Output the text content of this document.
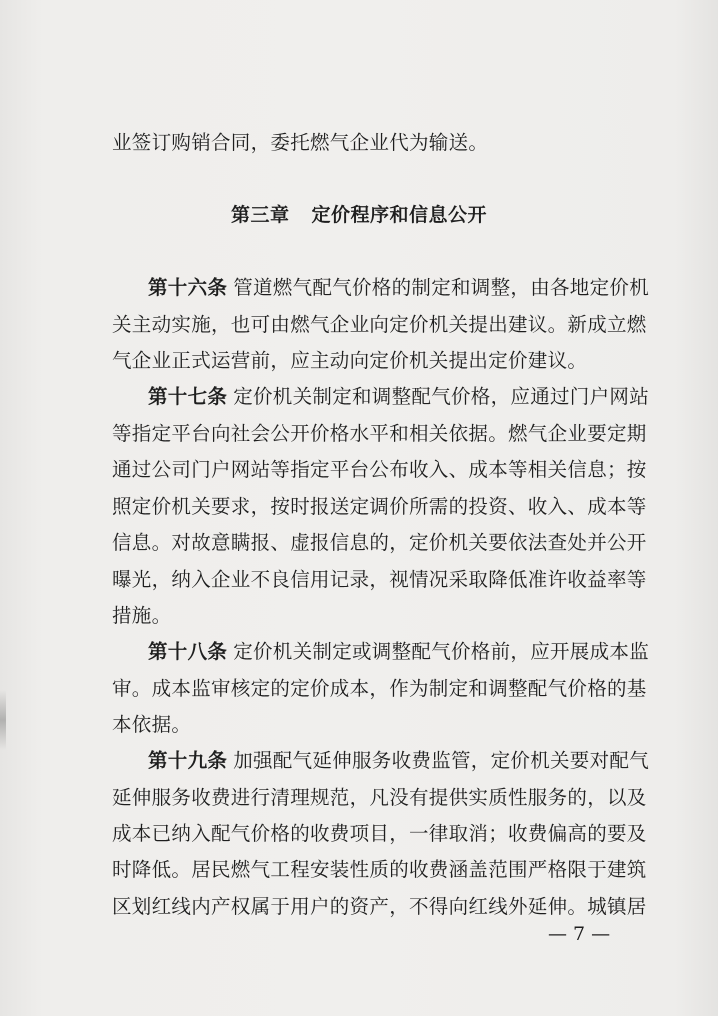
业签订购销合同，委托燃气企业代为输送。
第三章 定价程序和信息公开
第十六条 管道燃气配气价格的制定和调整，由各地定价机
关主动实施，也可由燃气企业向定价机关提出建议。新成立燃
气企业正式运营前，应主动向定价机关提出定价建议。
第十七条 定价机关制定和调整配气价格，应通过门户网站
等指定平台向社会公开价格水平和相关依据。燃气企业要定期
通过公司门户网站等指定平台公布收入、成本等相关信息；按
照定价机关要求，按时报送定调价所需的投资、收入、成本等
信息。对故意瞒报、虚报信息的，定价机关要依法查处并公开
曝光，纳入企业不良信用记录，视情况采取降低准许收益率等
措施。
第十八条 定价机关制定或调整配气价格前，应开展成本监
审。成本监审核定的定价成本，作为制定和调整配气价格的基
本依据。
第十九条 加强配气延伸服务收费监管，定价机关要对配气
延伸服务收费进行清理规范，凡没有提供实质性服务的，以及
成本已纳入配气价格的收费项目，一律取消；收费偏高的要及
时降低。居民燃气工程安装性质的收费涵盖范围严格限于建筑
区划红线内产权属于用户的资产，不得向红线外延伸。城镇居
— 7 —
